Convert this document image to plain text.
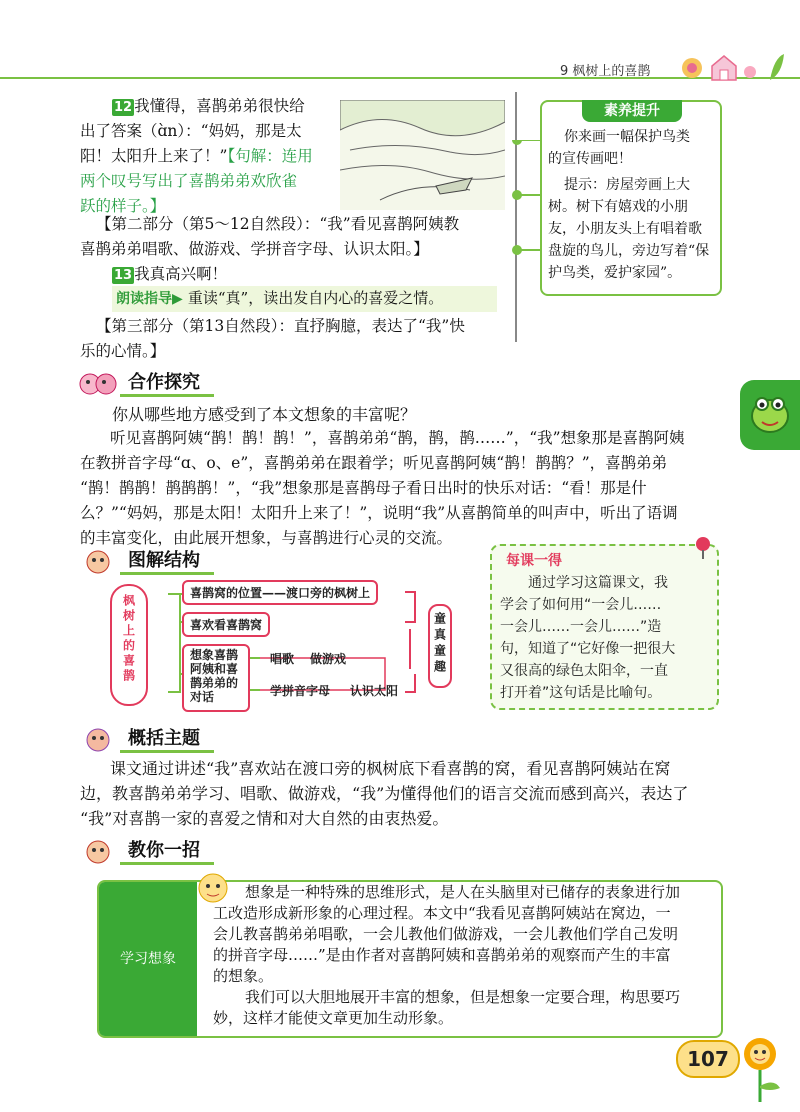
9 枫树上的喜鹊
12 我懂得，喜鹊弟弟很快给
出了答案（ɑ̀n）：“妈妈，那是太
阳！太阳升上来了！”【句解：连用
两个叹号写出了喜鹊弟弟欢欣雀
跃的样子。】
【第二部分（第5～12自然段）：“我”看见喜鹊阿姨教
喜鹊弟弟唱歌、做游戏、学拼音字母、认识太阳。】
13 我真高兴啊！
朗读指导▶ 重读“真”，读出发自内心的喜爱之情。
【第三部分（第13自然段）：直抒胸臆，表达了“我”快
乐的心情。】
素养提升
你来画一幅保护鸟类
的宣传画吧！
提示：房屋旁画上大
树。树下有嬉戏的小朋
友，小朋友头上有唱着歌
盘旋的鸟儿，旁边写着“保
护鸟类，爱护家园”。
合作探究
你从哪些地方感受到了本文想象的丰富呢？
听见喜鹊阿姨“鹊！鹊！鹊！”，喜鹊弟弟“鹊，鹊，鹊……”，“我”想象那是喜鹊阿姨
在教拼音字母“ɑ、o、e”，喜鹊弟弟在跟着学；听见喜鹊阿姨“鹊！鹊鹊？”，喜鹊弟弟
“鹊！鹊鹊！鹊鹊鹊！”，“我”想象那是喜鹊母子看日出时的快乐对话：“看！那是什
么？”“妈妈，那是太阳！太阳升上来了！”，说明“我”从喜鹊简单的叫声中，听出了语调
的丰富变化，由此展开想象，与喜鹊进行心灵的交流。
图解结构
枫树上的喜鹊
喜鹊窝的位置——渡口旁的枫树上
喜欢看喜鹊窝
想象喜鹊阿姨和喜鹊弟弟的对话
唱歌 做游戏
学拼音字母 认识太阳
童真童趣
每课一得
通过学习这篇课文，我
学会了如何用“一会儿……
一会儿……一会儿……”造
句，知道了“它好像一把很大
又很高的绿色太阳伞，一直
打开着”这句话是比喻句。
概括主题
课文通过讲述“我”喜欢站在渡口旁的枫树底下看喜鹊的窝，看见喜鹊阿姨站在窝
边，教喜鹊弟弟学习、唱歌、做游戏，“我”为懂得他们的语言交流而感到高兴，表达了
“我”对喜鹊一家的喜爱之情和对大自然的由衷热爱。
教你一招
学习想象
想象是一种特殊的思维形式，是人在头脑里对已储存的表象进行加
工改造形成新形象的心理过程。本文中“我看见喜鹊阿姨站在窝边，一
会儿教喜鹊弟弟唱歌，一会儿教他们做游戏，一会儿教他们学自己发明
的拼音字母……”是由作者对喜鹊阿姨和喜鹊弟弟的观察而产生的丰富
的想象。
我们可以大胆地展开丰富的想象，但是想象一定要合理，构思要巧
妙，这样才能使文章更加生动形象。
107
